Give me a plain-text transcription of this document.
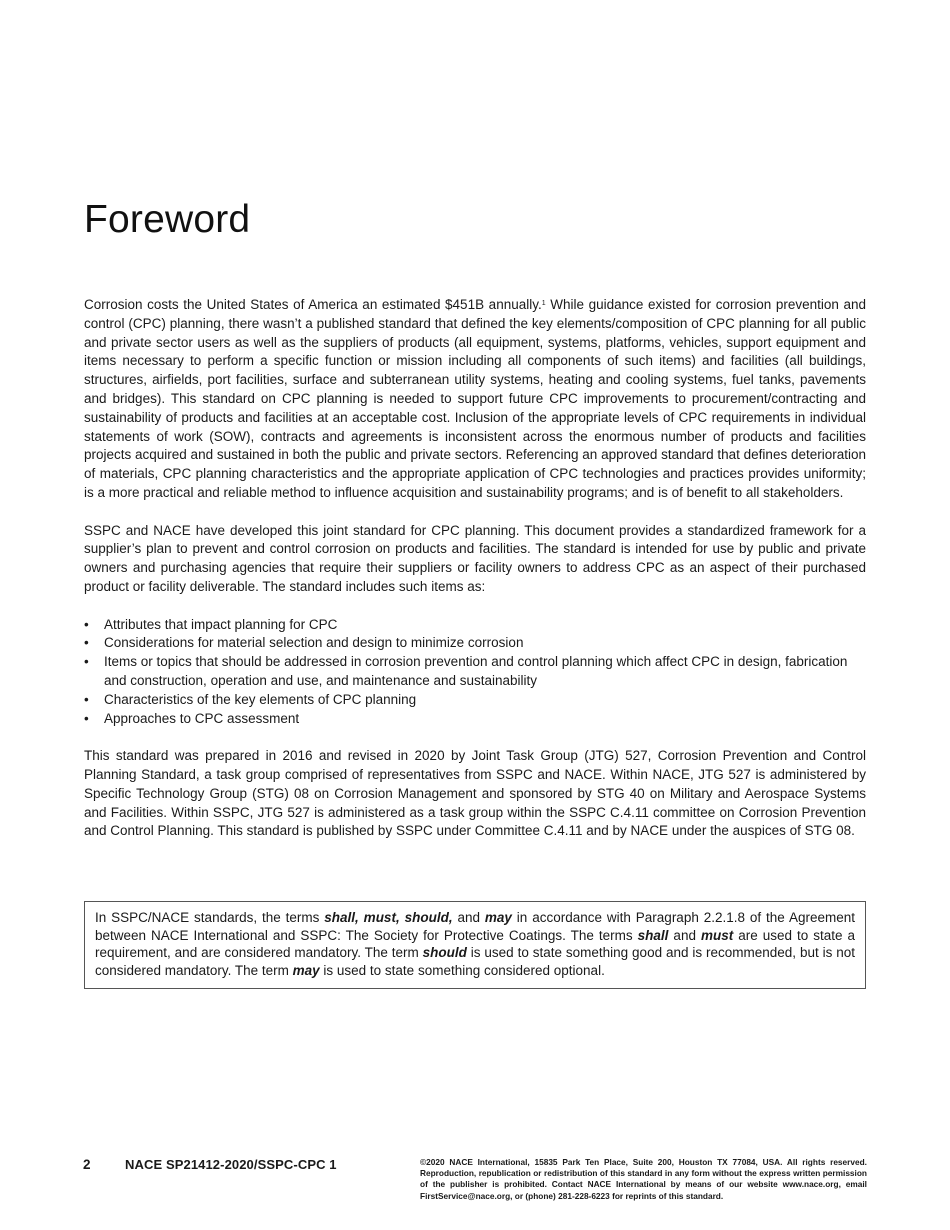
Foreword

Corrosion costs the United States of America an estimated $451B annually.$^1$ While guidance existed for corrosion prevention and control (CPC) planning, there wasn’t a published standard that defined the key elements/composition of CPC planning for all public and private sector users as well as the suppliers of products (all equipment, systems, platforms, vehicles, support equipment and items necessary to perform a specific function or mission including all components of such items) and facilities (all buildings, structures, airfields, port facilities, surface and subterranean utility systems, heating and cooling systems, fuel tanks, pavements and bridges). This standard on CPC planning is needed to support future CPC improvements to procurement/contracting and sustainability of products and facilities at an acceptable cost. Inclusion of the appropriate levels of CPC requirements in individual statements of work (SOW), contracts and agreements is inconsistent across the enormous number of products and facilities projects acquired and sustained in both the public and private sectors. Referencing an approved standard that defines deterioration of materials, CPC planning characteristics and the appropriate application of CPC technologies and practices provides uniformity; is a more practical and reliable method to influence acquisition and sustainability programs; and is of benefit to all stakeholders.

SSPC and NACE have developed this joint standard for CPC planning. This document provides a standardized framework for a supplier’s plan to prevent and control corrosion on products and facilities. The standard is intended for use by public and private owners and purchasing agencies that require their suppliers or facility owners to address CPC as an aspect of their purchased product or facility deliverable. The standard includes such items as:

• Attributes that impact planning for CPC
• Considerations for material selection and design to minimize corrosion
• Items or topics that should be addressed in corrosion prevention and control planning which affect CPC in design, fabrication and construction, operation and use, and maintenance and sustainability
• Characteristics of the key elements of CPC planning
• Approaches to CPC assessment

This standard was prepared in 2016 and revised in 2020 by Joint Task Group (JTG) 527, Corrosion Prevention and Control Planning Standard, a task group comprised of representatives from SSPC and NACE. Within NACE, JTG 527 is administered by Specific Technology Group (STG) 08 on Corrosion Management and sponsored by STG 40 on Military and Aerospace Systems and Facilities. Within SSPC, JTG 527 is administered as a task group within the SSPC C.4.11 committee on Corrosion Prevention and Control Planning. This standard is published by SSPC under Committee C.4.11 and by NACE under the auspices of STG 08.

In SSPC/NACE standards, the terms shall, must, should, and may in accordance with Paragraph 2.2.1.8 of the Agreement between NACE International and SSPC: The Society for Protective Coatings. The terms shall and must are used to state a requirement, and are considered mandatory. The term should is used to state something good and is recommended, but is not considered mandatory. The term may is used to state something considered optional.
2	NACE SP21412-2020/SSPC-CPC 1	©2020 NACE International, 15835 Park Ten Place, Suite 200, Houston TX 77084, USA. All rights reserved. Reproduction, republication or redistribution of this standard in any form without the express written permission of the publisher is prohibited. Contact NACE International by means of our website www.nace.org, email FirstService@nace.org, or (phone) 281-228-6223 for reprints of this standard.
